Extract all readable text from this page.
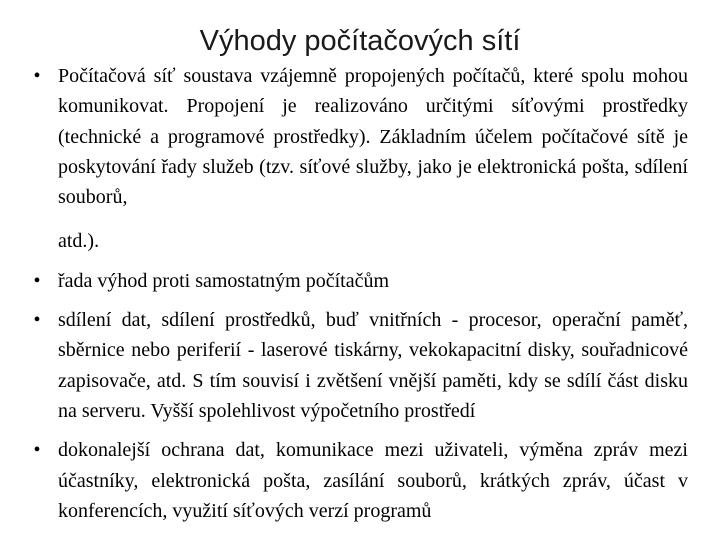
Výhody počítačových sítí
• Počítačová síť soustava vzájemně propojených počítačů, které spolu mohou komunikovat. Propojení je realizováno určitými síťovými prostředky (technické a programové prostředky). Základním účelem počítačové sítě je poskytování řady služeb (tzv. síťové služby, jako je elektronická pošta, sdílení souborů,
atd.).
• řada výhod proti samostatným počítačům
• sdílení dat, sdílení prostředků, buď vnitřních - procesor, operační paměť, sběrnice nebo periferií - laserové tiskárny, vekokapacitní disky, souřadnicové zapisovače, atd. S tím souvisí i zvětšení vnější paměti, kdy se sdílí část disku na serveru. Vyšší spolehlivost výpočetního prostředí
• dokonalejší ochrana dat, komunikace mezi uživateli, výměna zpráv mezi účastníky, elektronická pošta, zasílání souborů, krátkých zpráv, účast v konferencích, využití síťových verzí programů
